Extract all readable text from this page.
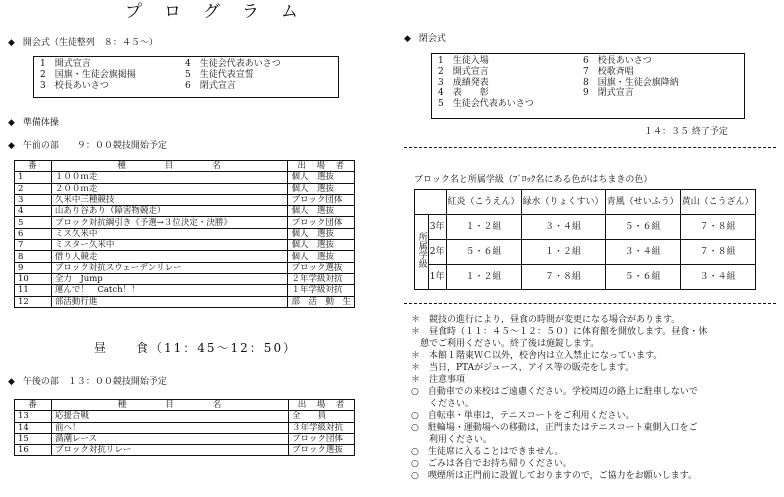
プログラム
◆ 開会式（生徒整列　８：４５～）
1　開式宣言	4　生徒会代表あいさつ
2　国旗・生徒会旗掲揚	5　生徒代表宣誓
3　校長あいさつ	6　閉式宣言
◆ 準備体操
◆ 午前の部　　９：００競技開始予定
番	種　　　　目　　　　名	出　場　者
1	１００ｍ走	個人　選抜
2	２００ｍ走	個人　選抜
3	久米中三種競技	ブロック団体
4	山あり谷あり（障害物競走）	個人　選抜
5	ブロック対抗綱引き《予選→３位決定・決勝》	ブロック団体
6	ミス久米中	個人　選抜
7	ミスター久米中	個人　選抜
8	借り人競走	個人　選抜
9	ブロック対抗スウェーデンリレー	ブロック選抜
10	全力　Jump	２年学級対抗
11	運んで！　Catch！！	１年学級対抗
12	部活動行進	部　活　動　生
昼　　食（11：45～12：50）
◆ 午後の部　１３：００競技開始予定
番	種　　　　目　　　　名	出　場　者
13	応援合戦	全　　員
14	前へ！	３年学級対抗
15	渦潮レース	ブロック団体
16	ブロック対抗リレー	ブロック選抜
◆ 閉会式
1　生徒入場	6　校長あいさつ
2　開式宣言	7　校歌斉唱
3　成績発表	8　国旗・生徒会旗降納
4　表　　彰	9　閉式宣言
5　生徒会代表あいさつ
１４：３５ 終了予定
ブロック名と所属学級（ﾌﾞﾛｯｸ名にある色がはちまきの色）
		紅炎（こうえん）	緑水（りょくすい）	青風（せいふう）	黄山（こうざん）
所属学級	3年	１・２組	３・４組	５・６組	７・８組
	2年	５・６組	１・２組	３・４組	７・８組
	1年	１・２組	７・８組	５・６組	３・４組
＊　競技の進行により，昼食の時間が変更になる場合があります。
＊　昼食時（１１：４５～１２：５０）に体育館を開放します。昼食・休
　憩でご利用ください。終了後は施錠します。
＊　本館１階東ＷＣ以外，校舎内は立入禁止になっています。
＊　当日，PTAがジュース，アイス等の販売をします。
＊　注意事項
○　自動車での来校はご遠慮ください。学校周辺の路上に駐車しないで
　　ください。
○　自転車・単車は，テニスコートをご利用ください。
○　駐輪場・運動場への移動は，正門またはテニスコート東側入口をご
　　利用ください。
○　生徒席に入ることはできません。
○　ごみは各自でお持ち帰りください。
○　喫煙所は正門前に設置しておりますので，ご協力をお願いします。
